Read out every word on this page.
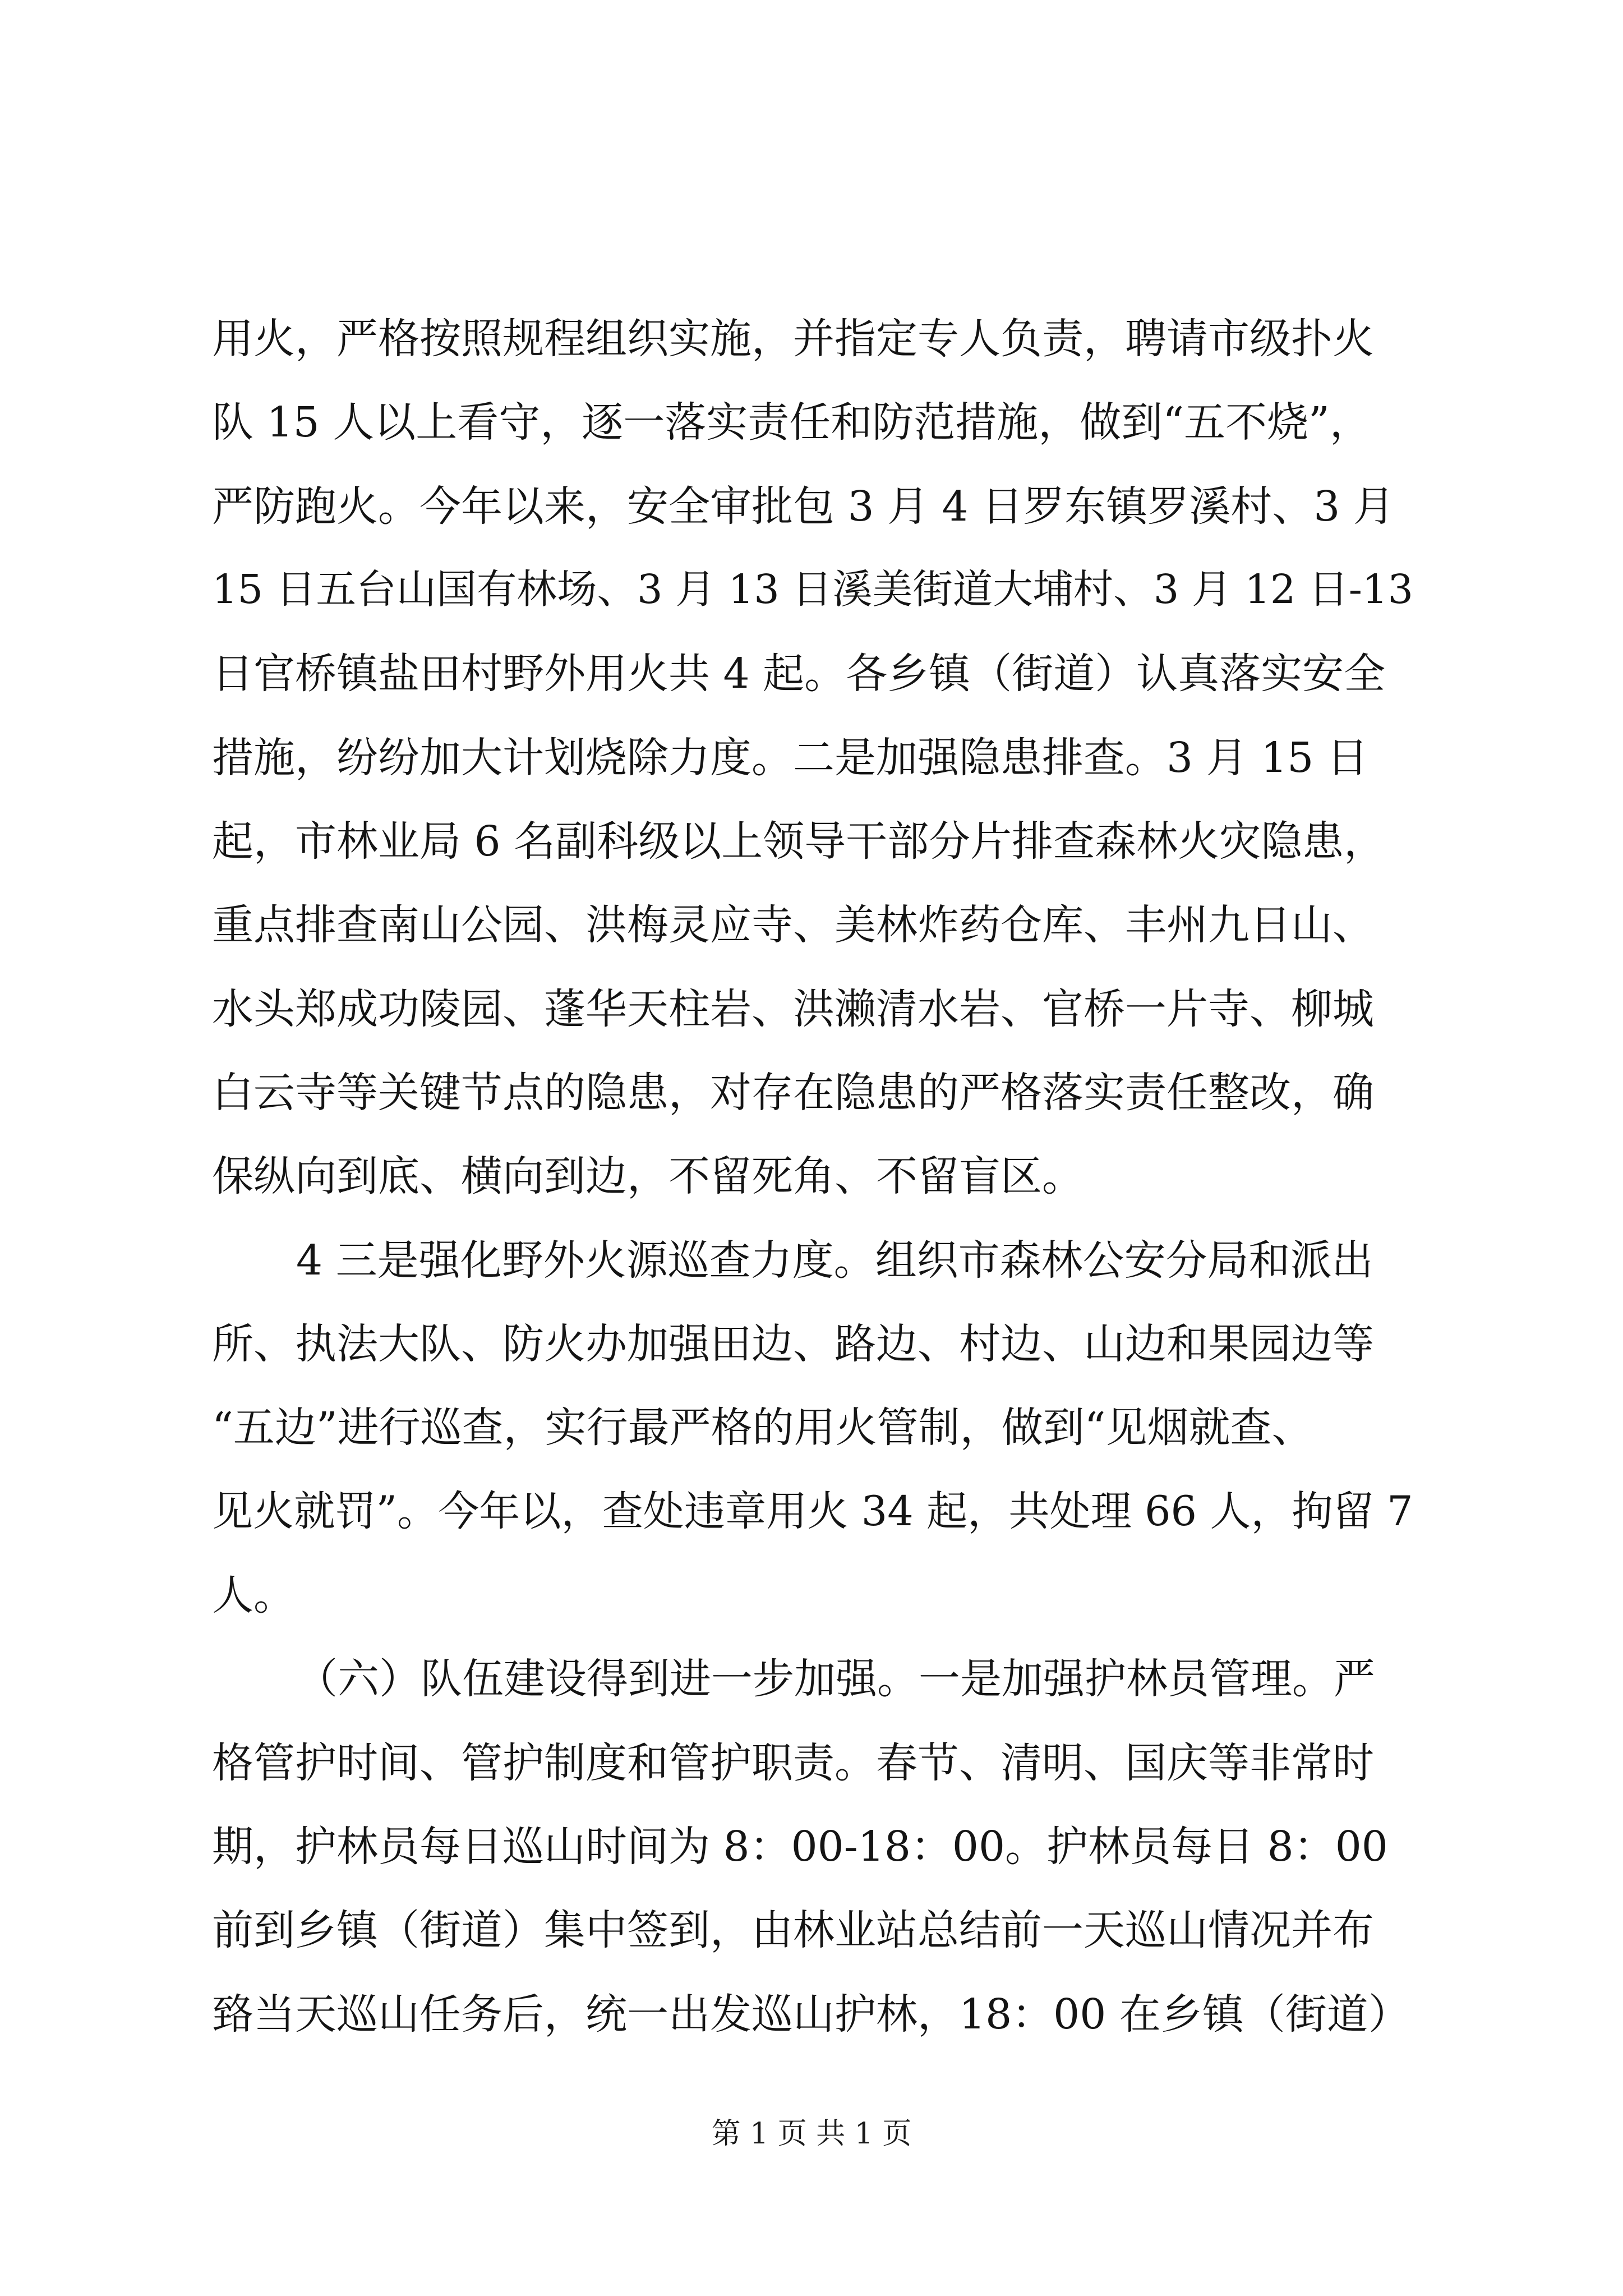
用火，严格按照规程组织实施，并指定专人负责，聘请市级扑火
队 15 人以上看守，逐一落实责任和防范措施，做到“五不烧”，
严防跑火。今年以来，安全审批包 3 月 4 日罗东镇罗溪村、3 月
15 日五台山国有林场、3 月 13 日溪美街道大埔村、3 月 12 日-13
日官桥镇盐田村野外用火共 4 起。各乡镇（街道）认真落实安全
措施，纷纷加大计划烧除力度。二是加强隐患排查。3 月 15 日
起，市林业局 6 名副科级以上领导干部分片排查森林火灾隐患，
重点排查南山公园、洪梅灵应寺、美林炸药仓库、丰州九日山、
水头郑成功陵园、蓬华天柱岩、洪濑清水岩、官桥一片寺、柳城
白云寺等关键节点的隐患，对存在隐患的严格落实责任整改，确
保纵向到底、横向到边，不留死角、不留盲区。
4 三是强化野外火源巡查力度。组织市森林公安分局和派出
所、执法大队、防火办加强田边、路边、村边、山边和果园边等
“五边”进行巡查，实行最严格的用火管制，做到“见烟就查、
见火就罚”。今年以，查处违章用火 34 起，共处理 66 人，拘留 7
人。
（六）队伍建设得到进一步加强。一是加强护林员管理。严
格管护时间、管护制度和管护职责。春节、清明、国庆等非常时
期，护林员每日巡山时间为 8：00-18：00。护林员每日 8：00
前到乡镇（街道）集中签到，由林业站总结前一天巡山情况并布
臵当天巡山任务后，统一出发巡山护林，18：00 在乡镇（街道）
第 1 页 共 1 页
